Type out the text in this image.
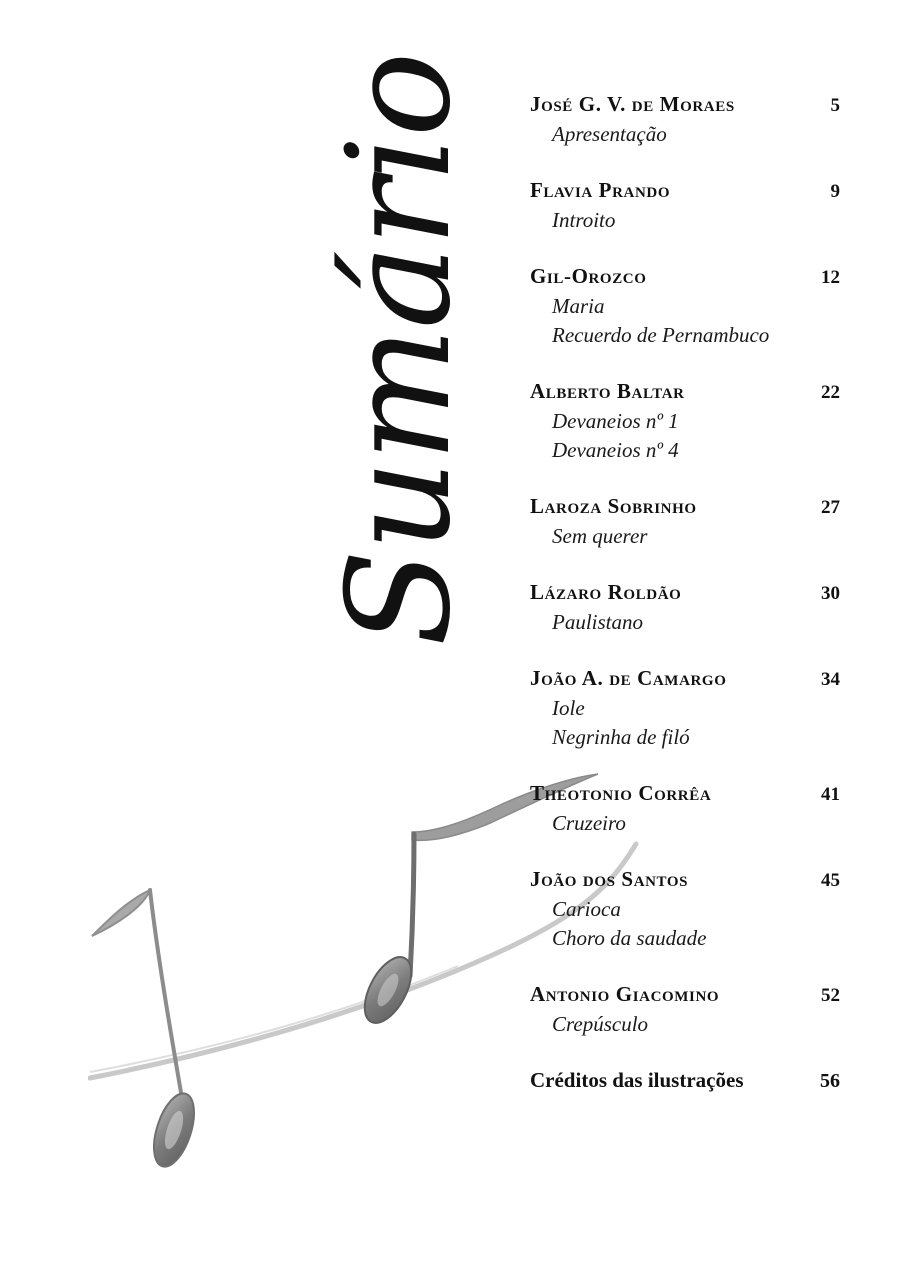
Sumário José G. V. de Moraes	5
Apresentação
Flavia Prando	9
Introito
Gil-Orozco	12
Maria
Recuerdo de Pernambuco
Alberto Baltar	22
Devaneios nº 1
Devaneios nº 4
Laroza Sobrinho	27
Sem querer
Lázaro Roldão	30
Paulistano
João A. de Camargo	34
Iole
Negrinha de filó
Theotonio Corrêa	41
Cruzeiro
João dos Santos	45
Carioca
Choro da saudade
Antonio Giacomino	52
Crepúsculo
Créditos das ilustrações	56
